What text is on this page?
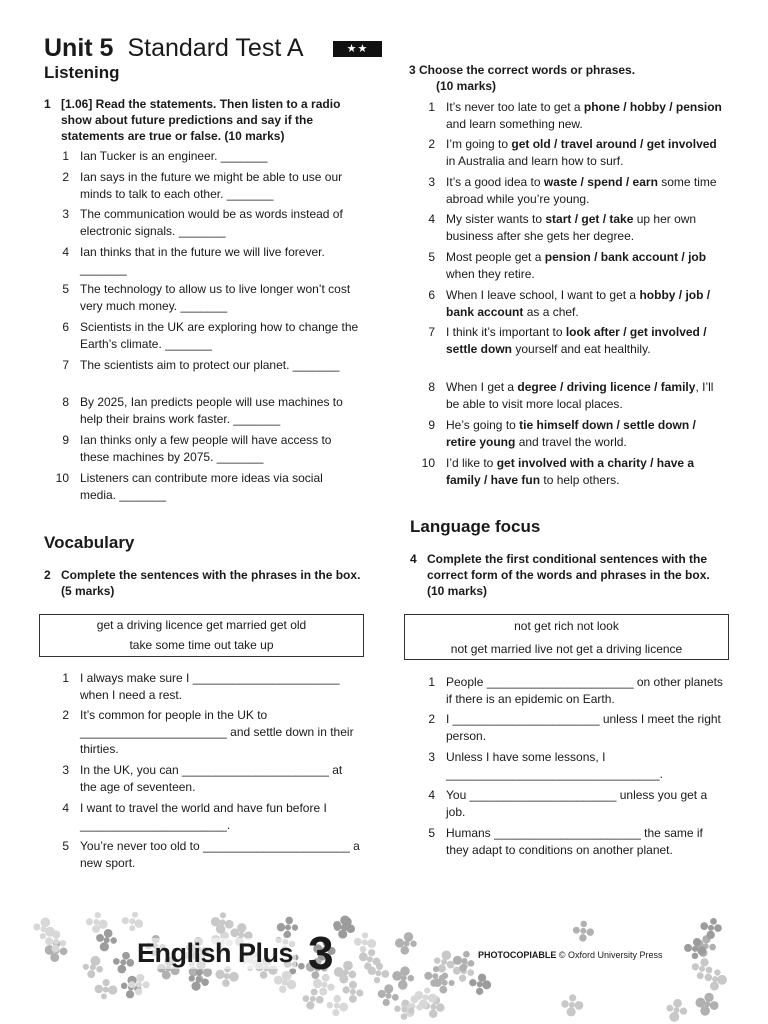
Unit 5 Standard Test A	★★
Listening
1 [1.06] Read the statements. Then listen to a radio show about future predictions and say if the statements are true or false. (10 marks)
1 Ian Tucker is an engineer. _______
2 Ian says in the future we might be able to use our minds to talk to each other. _______
3 The communication would be as words instead of electronic signals. _______
4 Ian thinks that in the future we will live forever. _______
5 The technology to allow us to live longer won’t cost very much money. _______
6 Scientists in the UK are exploring how to change the Earth’s climate. _______
7 The scientists aim to protect our planet. _______
8 By 2025, Ian predicts people will use machines to help their brains work faster. _______
9 Ian thinks only a few people will have access to these machines by 2075. _______
10 Listeners can contribute more ideas via social media. _______
Vocabulary
2 Complete the sentences with the phrases in the box. (5 marks)
get a driving licence get married get old
take some time out take up
1 I always make sure I ______________________ when I need a rest.
2 It’s common for people in the UK to ______________________ and settle down in their thirties.
3 In the UK, you can ______________________ at the age of seventeen.
4 I want to travel the world and have fun before I ______________________.
5 You’re never too old to ______________________ a new sport.
3 Choose the correct words or phrases.
(10 marks)
1 It’s never too late to get a phone / hobby / pension and learn something new.
2 I’m going to get old / travel around / get involved in Australia and learn how to surf.
3 It’s a good idea to waste / spend / earn some time abroad while you’re young.
4 My sister wants to start / get / take up her own business after she gets her degree.
5 Most people get a pension / bank account / job when they retire.
6 When I leave school, I want to get a hobby / job / bank account as a chef.
7 I think it’s important to look after / get involved / settle down yourself and eat healthily.
8 When I get a degree / driving licence / family, I’ll be able to visit more local places.
9 He’s going to tie himself down / settle down / retire young and travel the world.
10 I’d like to get involved with a charity / have a family / have fun to help others.
Language focus
4 Complete the first conditional sentences with the correct form of the words and phrases in the box. (10 marks)
not get rich not look
not get married live not get a driving licence
1 People ______________________ on other planets if there is an epidemic on Earth.
2 I ______________________ unless I meet the right person.
3 Unless I have some lessons, I ________________________________.
4 You ______________________ unless you get a job.
5 Humans ______________________ the same if they adapt to conditions on another planet.
English Plus 3	PHOTOCOPIABLE © Oxford University Press
